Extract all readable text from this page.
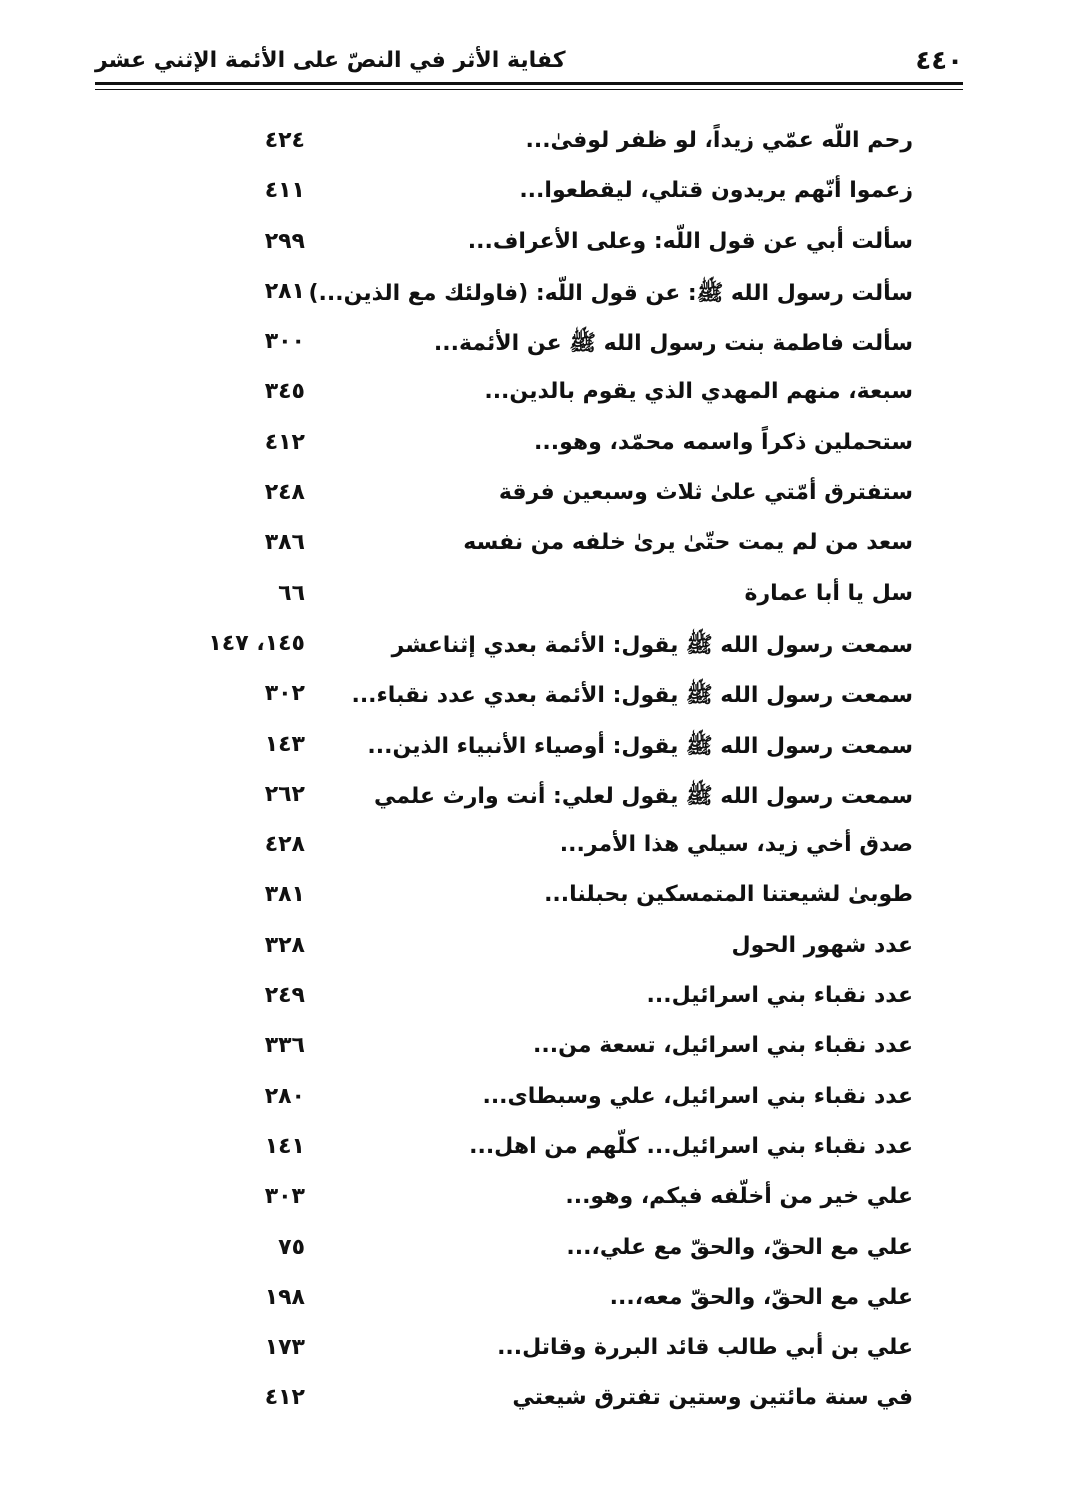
كفاية الأثر في النصّ على الأئمة الإثني عشر	٤٤٠
رحم اللّه عمّي زيداً، لو ظفر لوفىٰ...
٤٢٤
زعموا أنّهم يريدون قتلي، ليقطعوا...
٤١١
سألت أبي عن قول اللّه: وعلى الأعراف...
٢٩٩
سألت رسول الله ﷺ: عن قول اللّه: (فاولئك مع الذين...)
٢٨١
سألت فاطمة بنت رسول الله ﷺ عن الأئمة...
٣٠٠
سبعة، منهم المهدي الذي يقوم بالدين...
٣٤٥
ستحملين ذكراً واسمه محمّد، وهو...
٤١٢
ستفترق أمّتي علىٰ ثلاث وسبعين فرقة
٢٤٨
سعد من لم يمت حتّىٰ يرىٰ خلفه من نفسه
٣٨٦
سل يا أبا عمارة
٦٦
سمعت رسول الله ﷺ يقول: الأئمة بعدي إثناعشر
١٤٥، ١٤٧
سمعت رسول الله ﷺ يقول: الأئمة بعدي عدد نقباء...
٣٠٢
سمعت رسول الله ﷺ يقول: أوصياء الأنبياء الذين...
١٤٣
سمعت رسول الله ﷺ يقول لعلي: أنت وارث علمي
٢٦٢
صدق أخي زيد، سيلي هذا الأمر...
٤٢٨
طوبىٰ لشيعتنا المتمسكين بحبلنا...
٣٨١
عدد شهور الحول
٣٢٨
عدد نقباء بني اسرائيل...
٢٤٩
عدد نقباء بني اسرائيل، تسعة من...
٣٣٦
عدد نقباء بني اسرائيل، علي وسبطاى...
٢٨٠
عدد نقباء بني اسرائيل... كلّهم من اهل...
١٤١
علي خير من أخلّفه فيكم، وهو...
٣٠٣
علي مع الحقّ، والحقّ مع علي،...
٧٥
علي مع الحقّ، والحقّ معه،...
١٩٨
علي بن أبي طالب قائد البررة وقاتل...
١٧٣
في سنة مائتين وستين تفترق شيعتي
٤١٢
